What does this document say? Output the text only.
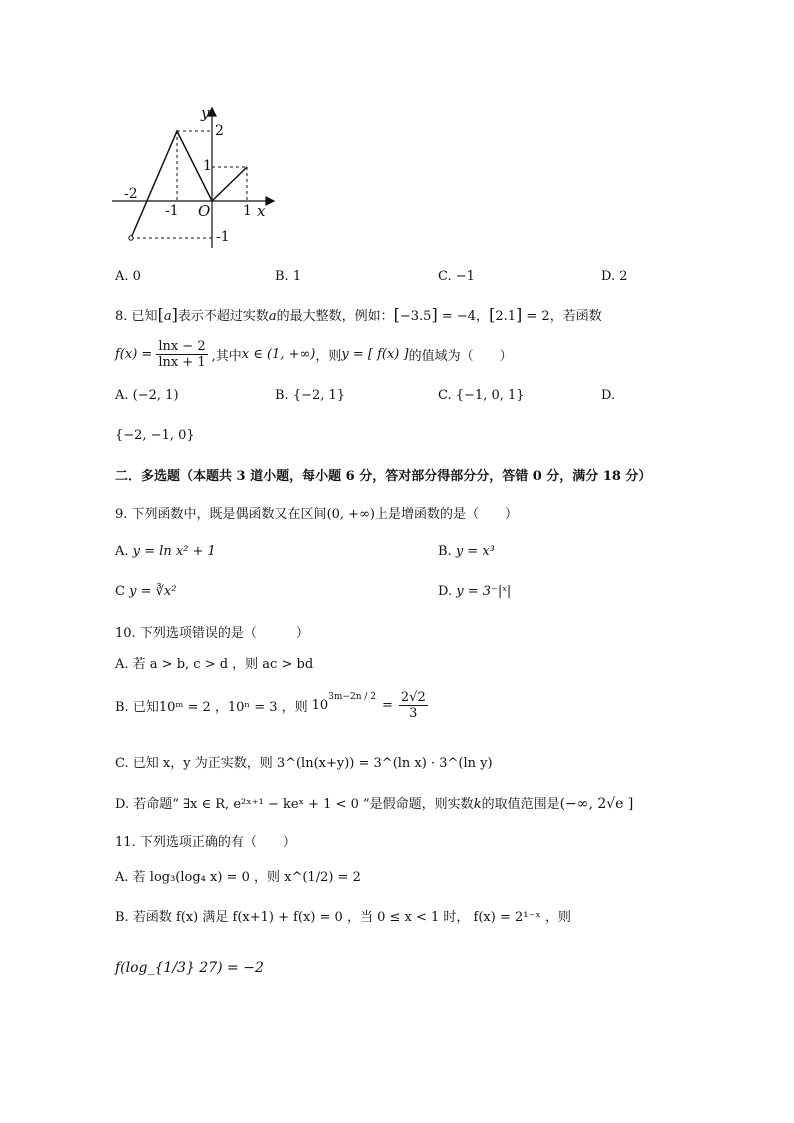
y
2
1
-2
-1 O 1 x
-1
A. 0	B. 1	C. −1	D. 2
8. 已知[a]表示不超过实数a的最大整数，例如：[−3.5] = −4，[2.1] = 2，若函数
$f(x) = \frac{\ln x - 2}{\ln x + 1}$ ,其中 x ∈ (1, +∞) ，则 y = [ f(x) ] 的值域为（　　）
A. (−2, 1)	B. {−2, 1}	C. {−1, 0, 1}	D.
{−2, −1, 0}
二．多选题（本题共 3 道小题，每小题 6 分，答对部分得部分分，答错 0 分，满分 18 分）
9. 下列函数中，既是偶函数又在区间(0, +∞)上是增函数的是（　　）
A. y = ln x² + 1	B. y = x³
C y = ∛x²	D. y = 3⁻|ˣ|
10. 下列选项错误的是（　　　）
A. 若 a > b, c > d ，则 ac > bd
B. 已知10ᵐ = 2 ，10ⁿ = 3 ，则 10
3m−2n / 2
= $\frac{2√2}{3}$
C. 已知 x，y 为正实数，则 3^(ln(x+y)) = 3^(ln x) · 3^(ln y)
D. 若命题“ ∃x ∈ R, e²ˣ⁺¹ − keˣ + 1 < 0 ”是假命题，则实数k的取值范围是(−∞, 2√e ]
11. 下列选项正确的有（　　）
A. 若 log₃(log₄ x) = 0 ，则 x^(1/2) = 2
B. 若函数 f(x) 满足 f(x+1) + f(x) = 0 ，当 0 ≤ x < 1 时， f(x) = 2¹⁻ˣ ，则
f(log_{1/3} 27) = −2
